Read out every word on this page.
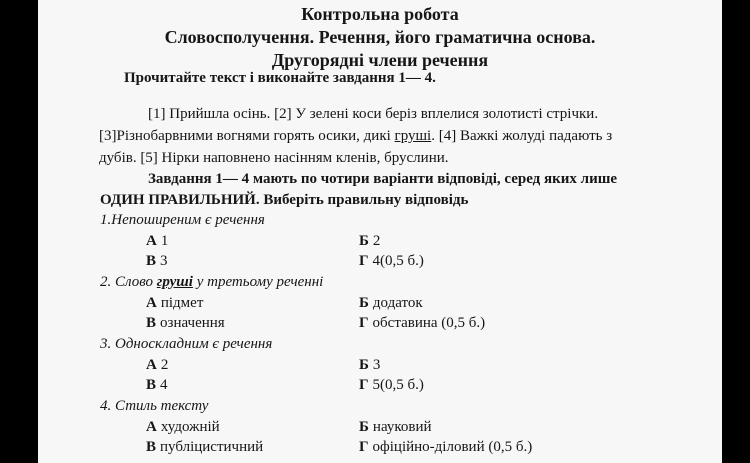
Контрольна робота
Словосполучення. Речення, його граматична основа.
Другорядні члени речення
Прочитайте текст і виконайте завдання 1— 4.
[1] Прийшла осінь. [2] У зелені коси беріз вплелися золотисті стрічки.
[3]Різнобарвними вогнями горять осики, дикі груші. [4] Важкі жолуді падають з
дубів. [5] Нірки наповнено насінням кленів, бруслини.
Завдання 1— 4 мають по чотири варіанти відповіді, серед яких лише
ОДИН ПРАВИЛЬНИЙ. Виберіть правильну відповідь
1.Непоширеним є речення
А 1	Б 2
В 3	Г 4(0,5 б.)
2. Слово груші у третьому реченні
А підмет	Б додаток
В означення	Г обставина (0,5 б.)
3. Односкладним є речення
А 2	Б 3
В 4	Г 5(0,5 б.)
4. Стиль тексту
А художній	Б науковий
В публіцистичний	Г офіційно-діловий (0,5 б.)
